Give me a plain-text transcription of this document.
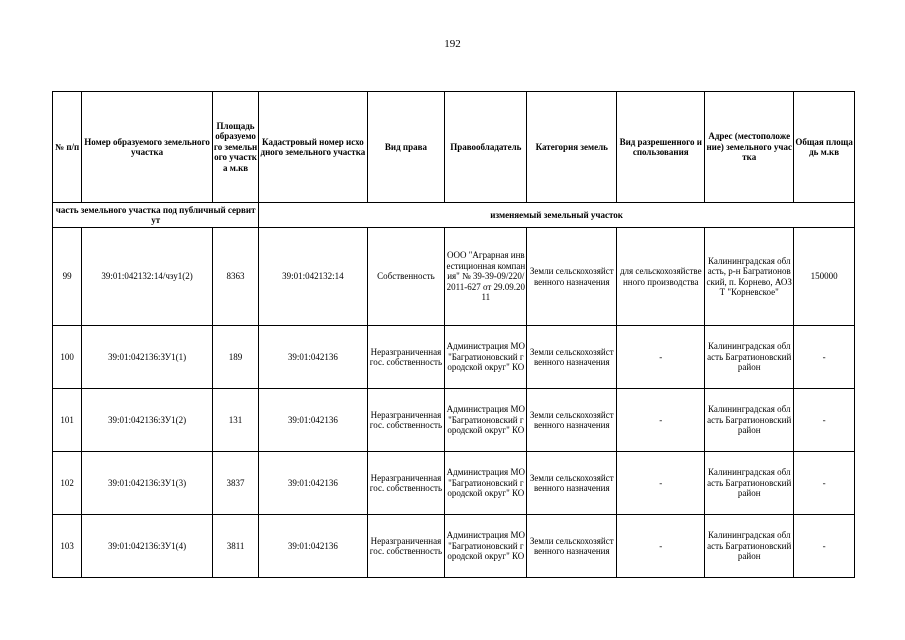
192
№ п/п	Номер образуемого земельного участка	Площадь образуемого земельного участка м.кв	Кадастровый номер исходного земельного участка	Вид права	Правообладатель	Категория земель	Вид разрешенного использования	Адрес (местоположение) земельного участка	Общая площадь м.кв
часть земельного участка под публичный сервитут			изменяемый земельный участок						
99	39:01:042132:14/чзу1(2)	8363	39:01:042132:14	Собственность	ООО "Аграрная инвестиционная компания" № 39-39-09/220/2011-627 от 29.09.2011	Земли сельскохозяйственного назначения	для сельскохозяйственного производства	Калининградская область, р-н Багратионовский, п. Корнево, АОЗТ "Корневское"	150000
100	39:01:042136:ЗУ1(1)	189	39:01:042136	Неразграниченная гос. собственность	Администрация МО "Багратионовский городской округ" КО	Земли сельскохозяйственного назначения	-	Калининградская область Багратионовский район	-
101	39:01:042136:ЗУ1(2)	131	39:01:042136	Неразграниченная гос. собственность	Администрация МО "Багратионовский городской округ" КО	Земли сельскохозяйственного назначения	-	Калининградская область Багратионовский район	-
102	39:01:042136:ЗУ1(3)	3837	39:01:042136	Неразграниченная гос. собственность	Администрация МО "Багратионовский городской округ" КО	Земли сельскохозяйственного назначения	-	Калининградская область Багратионовский район	-
103	39:01:042136:ЗУ1(4)	3811	39:01:042136	Неразграниченная гос. собственность	Администрация МО "Багратионовский городской округ" КО	Земли сельскохозяйственного назначения	-	Калининградская область Багратионовский район	-
